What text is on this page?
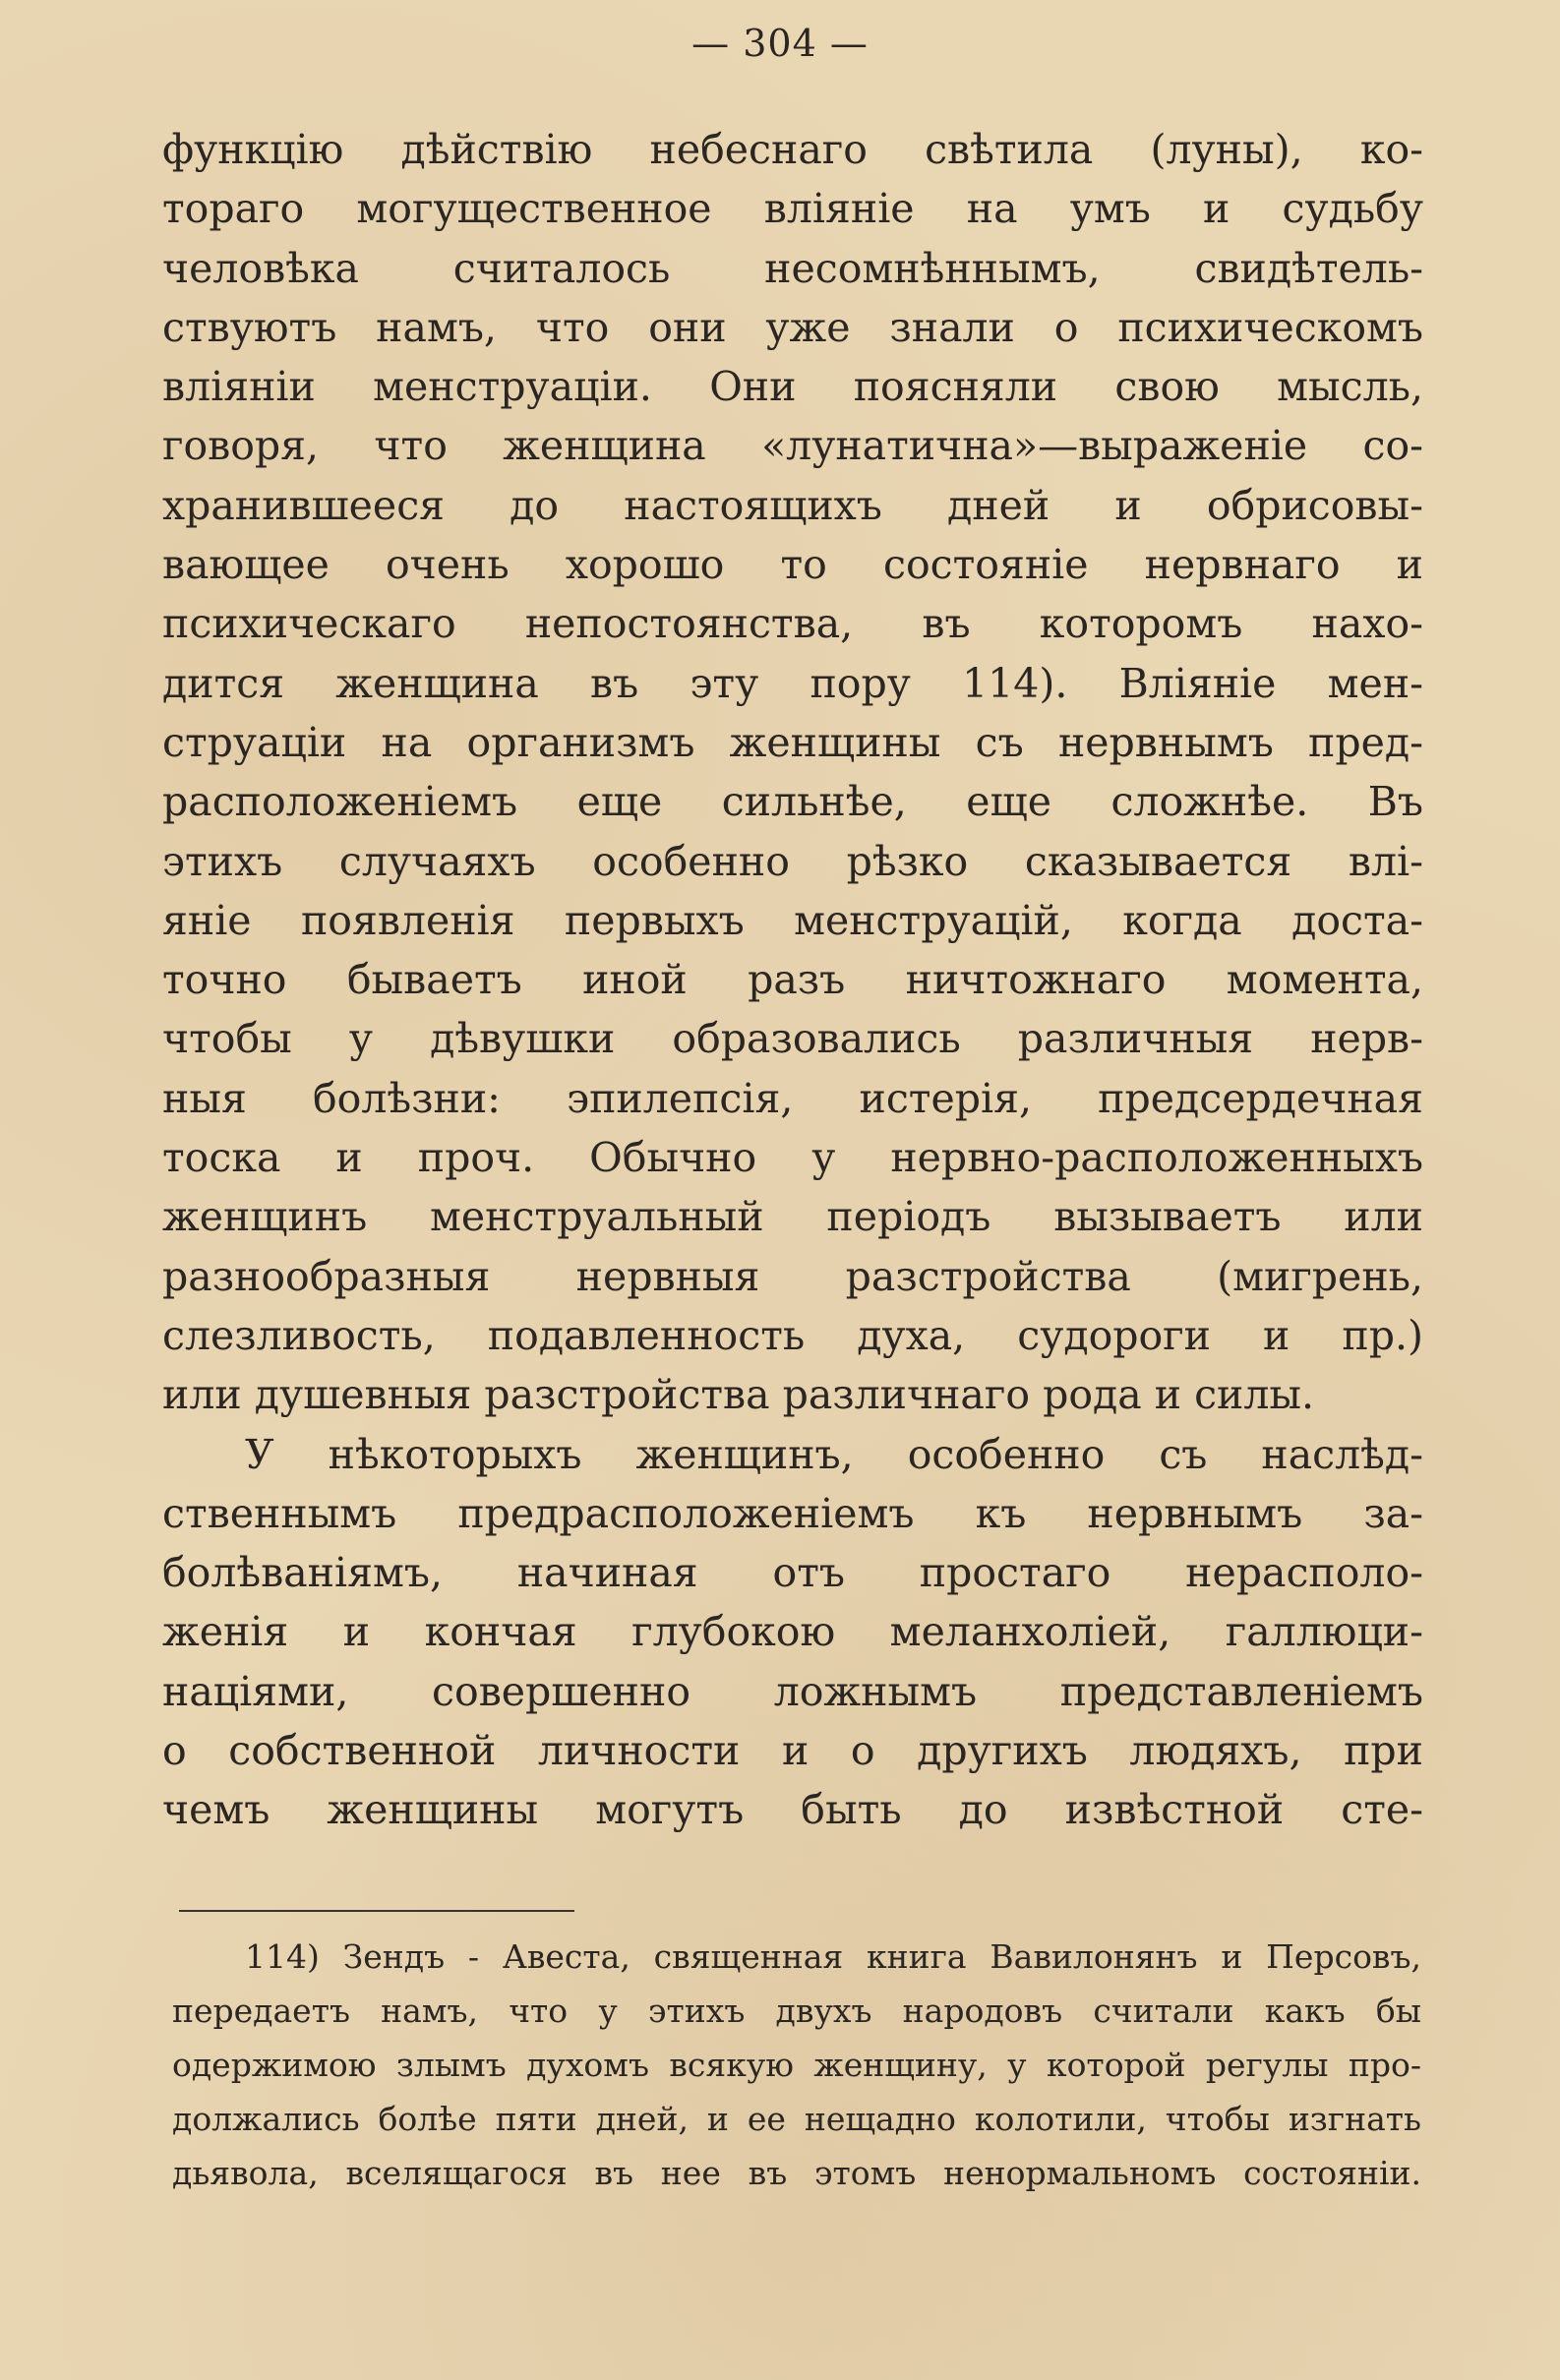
— 304 —

функцію дѣйствію небеснаго свѣтила (луны), ко-
тораго могущественное вліяніе на умъ и судьбу
человѣка считалось несомнѣннымъ, свидѣтель-
ствуютъ намъ, что они уже знали о психическомъ
вліяніи менструаціи. Они поясняли свою мысль,
говоря, что женщина «лунатична»—выраженіе со-
хранившееся до настоящихъ дней и обрисовы-
вающее очень хорошо то состояніе нервнаго и
психическаго непостоянства, въ которомъ нахо-
дится женщина въ эту пору 114). Вліяніе мен-
струаціи на организмъ женщины съ нервнымъ пред-
расположеніемъ еще сильнѣе, еще сложнѣе. Въ
этихъ случаяхъ особенно рѣзко сказывается влі-
яніе появленія первыхъ менструацій, когда доста-
точно бываетъ иной разъ ничтожнаго момента,
чтобы у дѣвушки образовались различныя нерв-
ныя болѣзни: эпилепсія, истерія, предсердечная
тоска и проч. Обычно у нервно-расположенныхъ
женщинъ менструальный періодъ вызываетъ или
разнообразныя нервныя разстройства (мигрень,
слезливость, подавленность духа, судороги и пр.)
или душевныя разстройства различнаго рода и силы.

У нѣкоторыхъ женщинъ, особенно съ наслѣд-
ственнымъ предрасположеніемъ къ нервнымъ за-
болѣваніямъ, начиная отъ простаго нерасполо-
женія и кончая глубокою меланхоліей, галлюци-
націями, совершенно ложнымъ представленіемъ
о собственной личности и о другихъ людяхъ, при
чемъ женщины могутъ быть до извѣстной сте-

114) Зендъ - Авеста, священная книга Вавилонянъ и Персовъ,
передаетъ намъ, что у этихъ двухъ народовъ считали какъ бы
одержимою злымъ духомъ всякую женщину, у которой регулы про-
должались болѣе пяти дней, и ее нещадно колотили, чтобы изгнать
дьявола, вселящагося въ нее въ этомъ ненормальномъ состояніи.
